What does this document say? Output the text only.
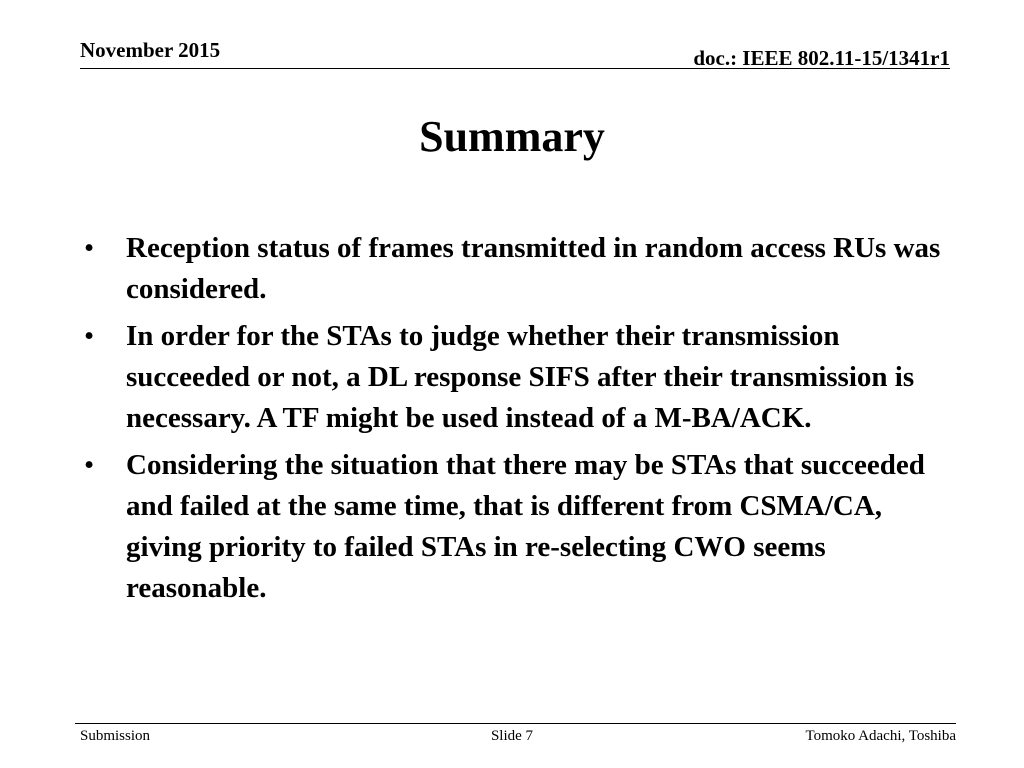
November 2015	doc.: IEEE 802.11-15/1341r1
Summary
•	Reception status of frames transmitted in random access RUs was considered.
•	In order for the STAs to judge whether their transmission succeeded or not, a DL response SIFS after their transmission is necessary. A TF might be used instead of a M-BA/ACK.
•	Considering the situation that there may be STAs that succeeded and failed at the same time, that is different from CSMA/CA, giving priority to failed STAs in re-selecting CWO seems reasonable.
Submission	Slide 7	Tomoko Adachi, Toshiba
